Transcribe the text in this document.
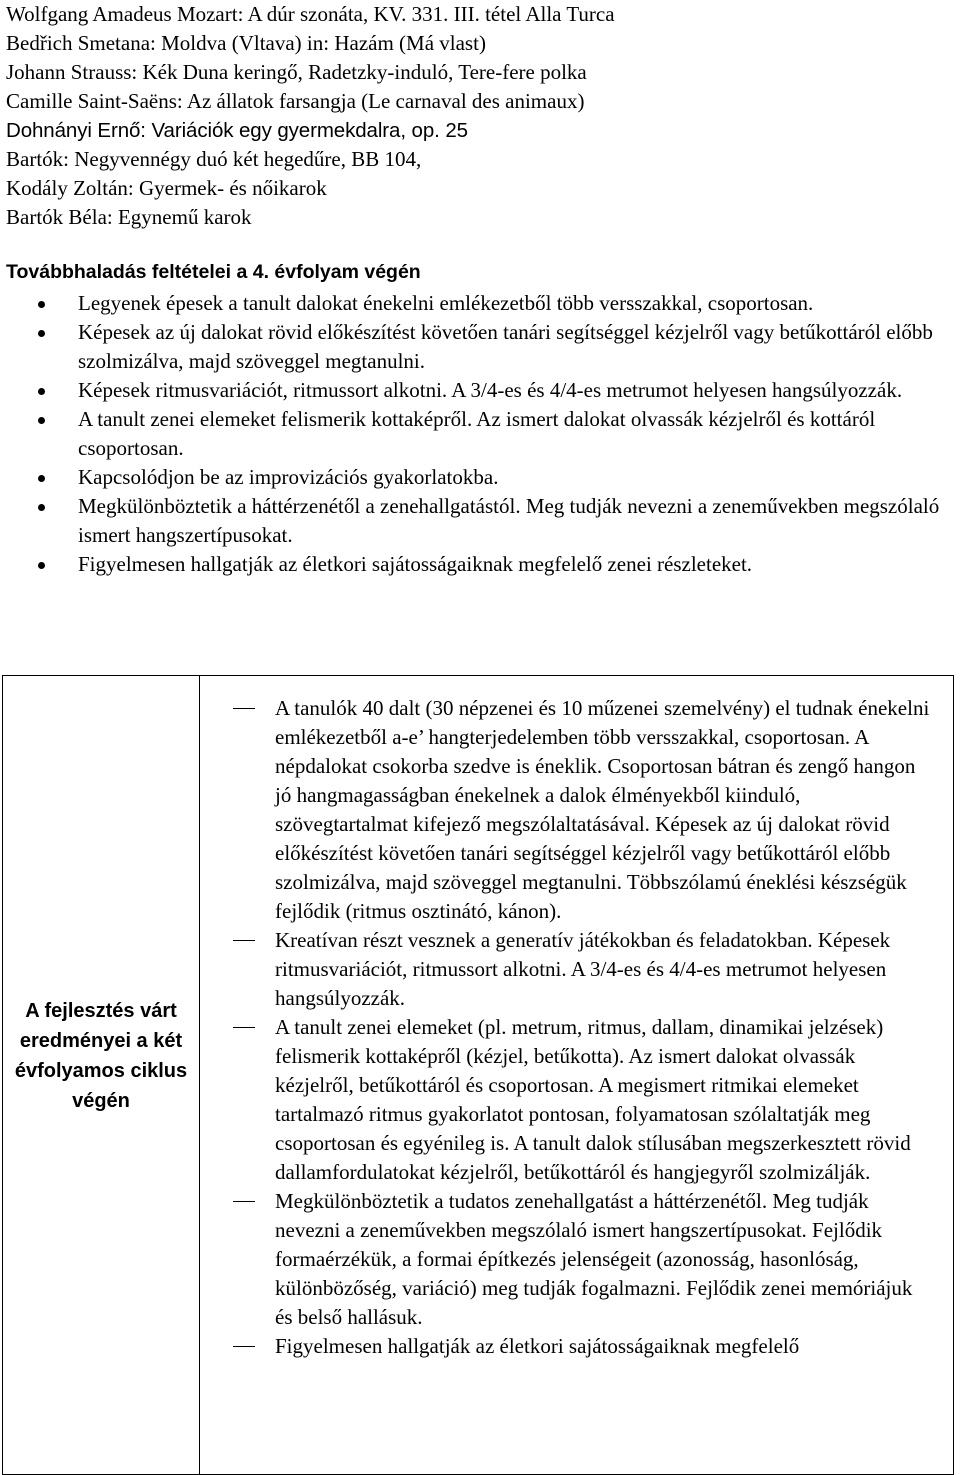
Wolfgang Amadeus Mozart: A dúr szonáta, KV. 331. III. tétel Alla Turca
Bedřich Smetana: Moldva (Vltava) in: Hazám (Má vlast)
Johann Strauss: Kék Duna keringő, Radetzky-induló, Tere-fere polka
Camille Saint-Saëns: Az állatok farsangja (Le carnaval des animaux)
Dohnányi Ernő: Variációk egy gyermekdalra, op. 25
Bartók: Negyvennégy duó két hegedűre, BB 104,
Kodály Zoltán: Gyermek- és nőikarok
Bartók Béla: Egynemű karok
Továbbhaladás feltételei a 4. évfolyam végén
Legyenek épesek a tanult dalokat énekelni emlékezetből több versszakkal, csoportosan.
Képesek az új dalokat rövid előkészítést követően tanári segítséggel kézjelről vagy betűkottáról előbb szolmizálva, majd szöveggel megtanulni.
Képesek ritmusvariációt, ritmussort alkotni. A 3/4-es és 4/4-es metrumot helyesen hangsúlyozzák.
A tanult zenei elemeket felismerik kottaképről. Az ismert dalokat olvassák kézjelről és kottáról csoportosan.
Kapcsolódjon be az improvizációs gyakorlatokba.
Megkülönböztetik a háttérzenétől a zenehallgatástól. Meg tudják nevezni a zeneművekben megszólaló ismert hangszertípusokat.
Figyelmesen hallgatják az életkori sajátosságaiknak megfelelő zenei részleteket.
A fejlesztés várt eredményei a két évfolyamos ciklus végén
A tanulók 40 dalt (30 népzenei és 10 műzenei szemelvény) el tudnak énekelni emlékezetből a-e’ hangterjedelemben több versszakkal, csoportosan. A népdalokat csokorba szedve is éneklik. Csoportosan bátran és zengő hangon jó hangmagasságban énekelnek a dalok élményekből kiinduló, szövegtartalmat kifejező megszólaltatásával. Képesek az új dalokat rövid előkészítést követően tanári segítséggel kézjelről vagy betűkottáról előbb szolmizálva, majd szöveggel megtanulni. Többszólamú éneklési készségük fejlődik (ritmus osztinátó, kánon).
Kreatívan részt vesznek a generatív játékokban és feladatokban. Képesek ritmusvariációt, ritmussort alkotni. A 3/4-es és 4/4-es metrumot helyesen hangsúlyozzák.
A tanult zenei elemeket (pl. metrum, ritmus, dallam, dinamikai jelzések) felismerik kottaképről (kézjel, betűkotta). Az ismert dalokat olvassák kézjelről, betűkottáról és csoportosan. A megismert ritmikai elemeket tartalmazó ritmus gyakorlatot pontosan, folyamatosan szólaltatják meg csoportosan és egyénileg is. A tanult dalok stílusában megszerkesztett rövid dallamfordulatokat kézjelről, betűkottáról és hangjegyről szolmizálják.
Megkülönböztetik a tudatos zenehallgatást a háttérzenétől. Meg tudják nevezni a zeneművekben megszólaló ismert hangszertípusokat. Fejlődik formaérzékük, a formai építkezés jelenségeit (azonosság, hasonlóság, különbözőség, variáció) meg tudják fogalmazni. Fejlődik zenei memóriájuk és belső hallásuk.
Figyelmesen hallgatják az életkori sajátosságaiknak megfelelő
